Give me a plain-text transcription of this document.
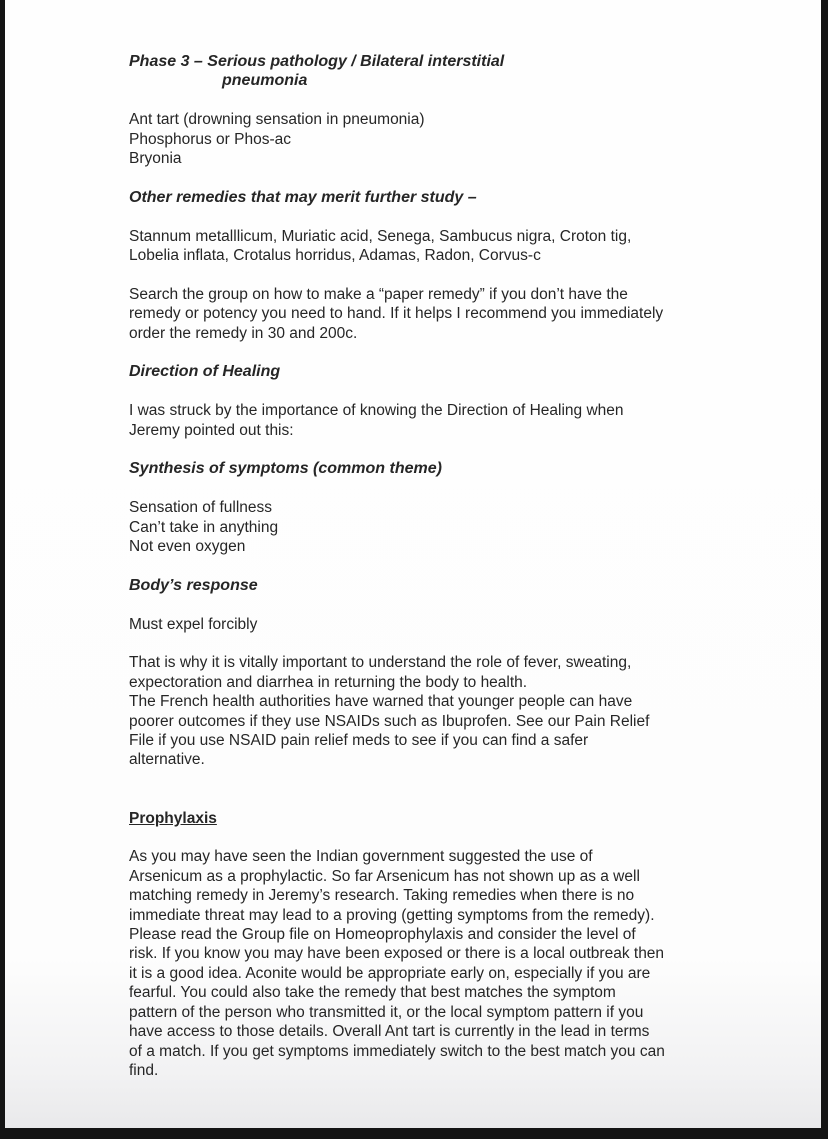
Phase 3 – Serious pathology / Bilateral interstitial
pneumonia
Ant tart (drowning sensation in pneumonia)
Phosphorus or Phos-ac
Bryonia
Other remedies that may merit further study –
Stannum metalllicum, Muriatic acid, Senega, Sambucus nigra, Croton tig,
Lobelia inflata, Crotalus horridus, Adamas, Radon, Corvus-c
Search the group on how to make a “paper remedy” if you don’t have the
remedy or potency you need to hand. If it helps I recommend you immediately
order the remedy in 30 and 200c.
Direction of Healing
I was struck by the importance of knowing the Direction of Healing when
Jeremy pointed out this:
Synthesis of symptoms (common theme)
Sensation of fullness
Can’t take in anything
Not even oxygen
Body’s response
Must expel forcibly
That is why it is vitally important to understand the role of fever, sweating,
expectoration and diarrhea in returning the body to health.
The French health authorities have warned that younger people can have
poorer outcomes if they use NSAIDs such as Ibuprofen. See our Pain Relief
File if you use NSAID pain relief meds to see if you can find a safer
alternative.
Prophylaxis
As you may have seen the Indian government suggested the use of
Arsenicum as a prophylactic. So far Arsenicum has not shown up as a well
matching remedy in Jeremy’s research. Taking remedies when there is no
immediate threat may lead to a proving (getting symptoms from the remedy).
Please read the Group file on Homeoprophylaxis and consider the level of
risk. If you know you may have been exposed or there is a local outbreak then
it is a good idea. Aconite would be appropriate early on, especially if you are
fearful. You could also take the remedy that best matches the symptom
pattern of the person who transmitted it, or the local symptom pattern if you
have access to those details. Overall Ant tart is currently in the lead in terms
of a match. If you get symptoms immediately switch to the best match you can
find.
